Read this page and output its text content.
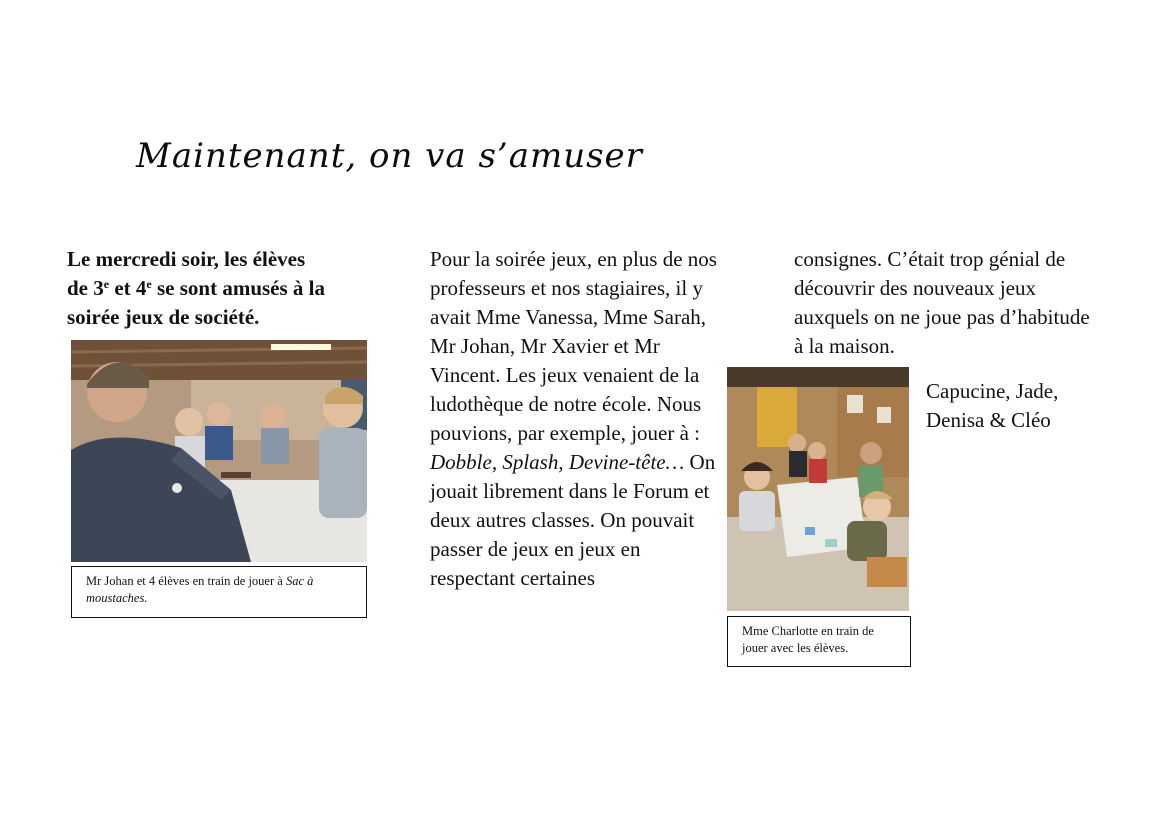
Maintenant, on va s’amuser
Le mercredi soir, les élèves
de 3e et 4e se sont amusés à la
soirée jeux de société.
Mr Johan et 4 élèves en train de jouer à Sac à moustaches.
Pour la soirée jeux, en plus de nos professeurs et nos stagiaires, il y avait Mme Vanessa, Mme Sarah, Mr Johan, Mr Xavier et Mr Vincent. Les jeux venaient de la ludothèque de notre école. Nous pouvions, par exemple, jouer à : Dobble, Splash, Devine-tête… On jouait librement dans le Forum et deux autres classes. On pouvait passer de jeux en jeux en respectant certaines
consignes. C’était trop génial de découvrir des nouveaux jeux auxquels on ne joue pas d’habitude à la maison.
Mme Charlotte en train de jouer avec les élèves.
Capucine, Jade,
Denisa & Cléo
